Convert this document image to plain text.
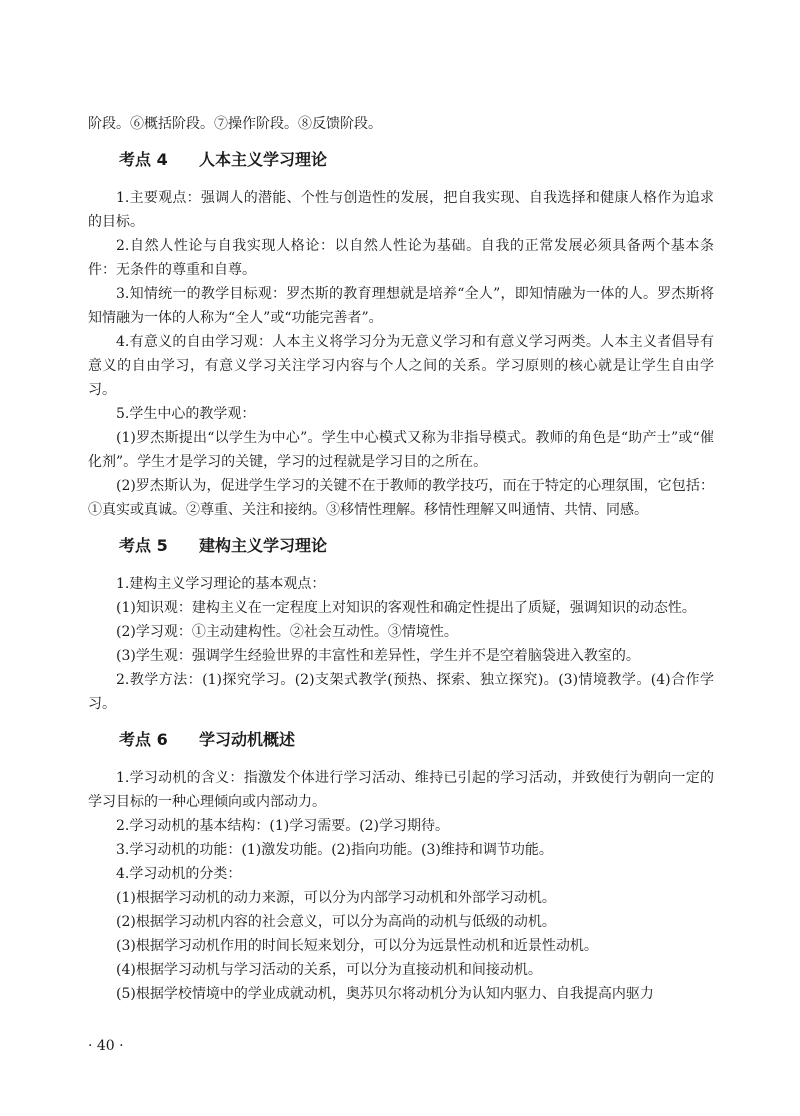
阶段。⑥概括阶段。⑦操作阶段。⑧反馈阶段。

考点 4 人本主义学习理论

1.主要观点：强调人的潜能、个性与创造性的发展，把自我实现、自我选择和健康人格作为追求的目标。

2.自然人性论与自我实现人格论：以自然人性论为基础。自我的正常发展必须具备两个基本条件：无条件的尊重和自尊。

3.知情统一的教学目标观：罗杰斯的教育理想就是培养“全人”，即知情融为一体的人。罗杰斯将知情融为一体的人称为“全人”或“功能完善者”。

4.有意义的自由学习观：人本主义将学习分为无意义学习和有意义学习两类。人本主义者倡导有意义的自由学习，有意义学习关注学习内容与个人之间的关系。学习原则的核心就是让学生自由学习。

5.学生中心的教学观：

(1)罗杰斯提出“以学生为中心”。学生中心模式又称为非指导模式。教师的角色是“助产士”或“催化剂”。学生才是学习的关键，学习的过程就是学习目的之所在。

(2)罗杰斯认为，促进学生学习的关键不在于教师的教学技巧，而在于特定的心理氛围，它包括：①真实或真诚。②尊重、关注和接纳。③移情性理解。移情性理解又叫通情、共情、同感。

考点 5 建构主义学习理论

1.建构主义学习理论的基本观点：

(1)知识观：建构主义在一定程度上对知识的客观性和确定性提出了质疑，强调知识的动态性。

(2)学习观：①主动建构性。②社会互动性。③情境性。

(3)学生观：强调学生经验世界的丰富性和差异性，学生并不是空着脑袋进入教室的。

2.教学方法：(1)探究学习。(2)支架式教学(预热、探索、独立探究)。(3)情境教学。(4)合作学习。

考点 6 学习动机概述

1.学习动机的含义：指激发个体进行学习活动、维持已引起的学习活动，并致使行为朝向一定的学习目标的一种心理倾向或内部动力。

2.学习动机的基本结构：(1)学习需要。(2)学习期待。

3.学习动机的功能：(1)激发功能。(2)指向功能。(3)维持和调节功能。

4.学习动机的分类：

(1)根据学习动机的动力来源，可以分为内部学习动机和外部学习动机。

(2)根据学习动机内容的社会意义，可以分为高尚的动机与低级的动机。

(3)根据学习动机作用的时间长短来划分，可以分为远景性动机和近景性动机。

(4)根据学习动机与学习活动的关系，可以分为直接动机和间接动机。

(5)根据学校情境中的学业成就动机，奥苏贝尔将动机分为认知内驱力、自我提高内驱力

· 40 ·
